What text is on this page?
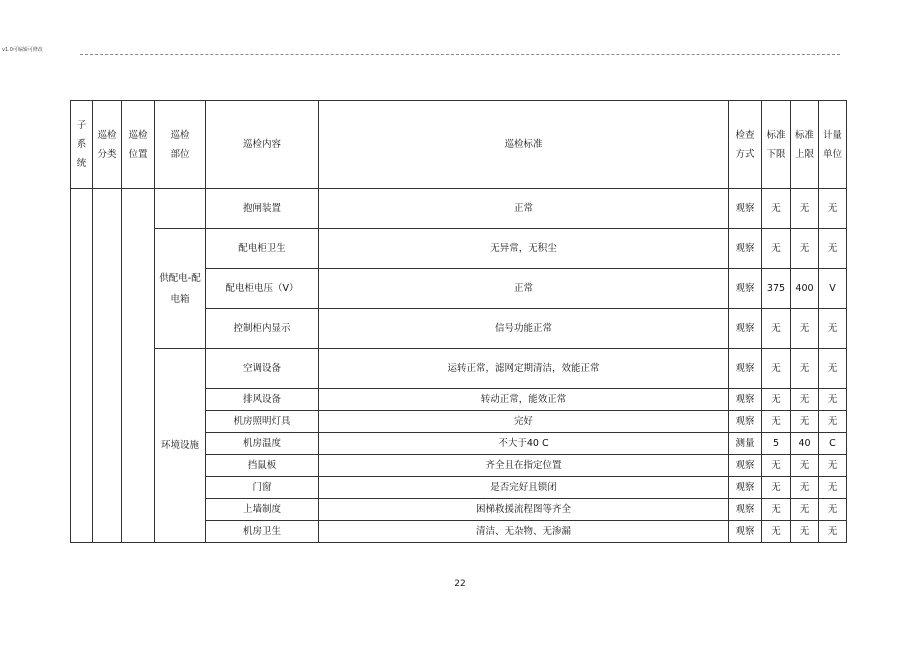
v1.0可编辑可修改
子系统	巡检分类	巡检位置	巡检部位	巡检内容	巡检标准	检查方式	标准下限	标准上限	计量单位
				抱闸装置	正常	观察	无	无	无
			供配电-配电箱	配电柜卫生	无异常，无积尘	观察	无	无	无
				配电柜电压（V）	正常	观察	375	400	V
				控制柜内显示	信号功能正常	观察	无	无	无
			环境设施	空调设备	运转正常，滤网定期清洁，效能正常	观察	无	无	无
				排风设备	转动正常，能效正常	观察	无	无	无
				机房照明灯具	完好	观察	无	无	无
				机房温度	不大于40 C	测量	5	40	C
				挡鼠板	齐全且在指定位置	观察	无	无	无
				门窗	是否完好且锁闭	观察	无	无	无
				上墙制度	困梯救援流程图等齐全	观察	无	无	无
				机房卫生	清洁、无杂物、无渗漏	观察	无	无	无
22
